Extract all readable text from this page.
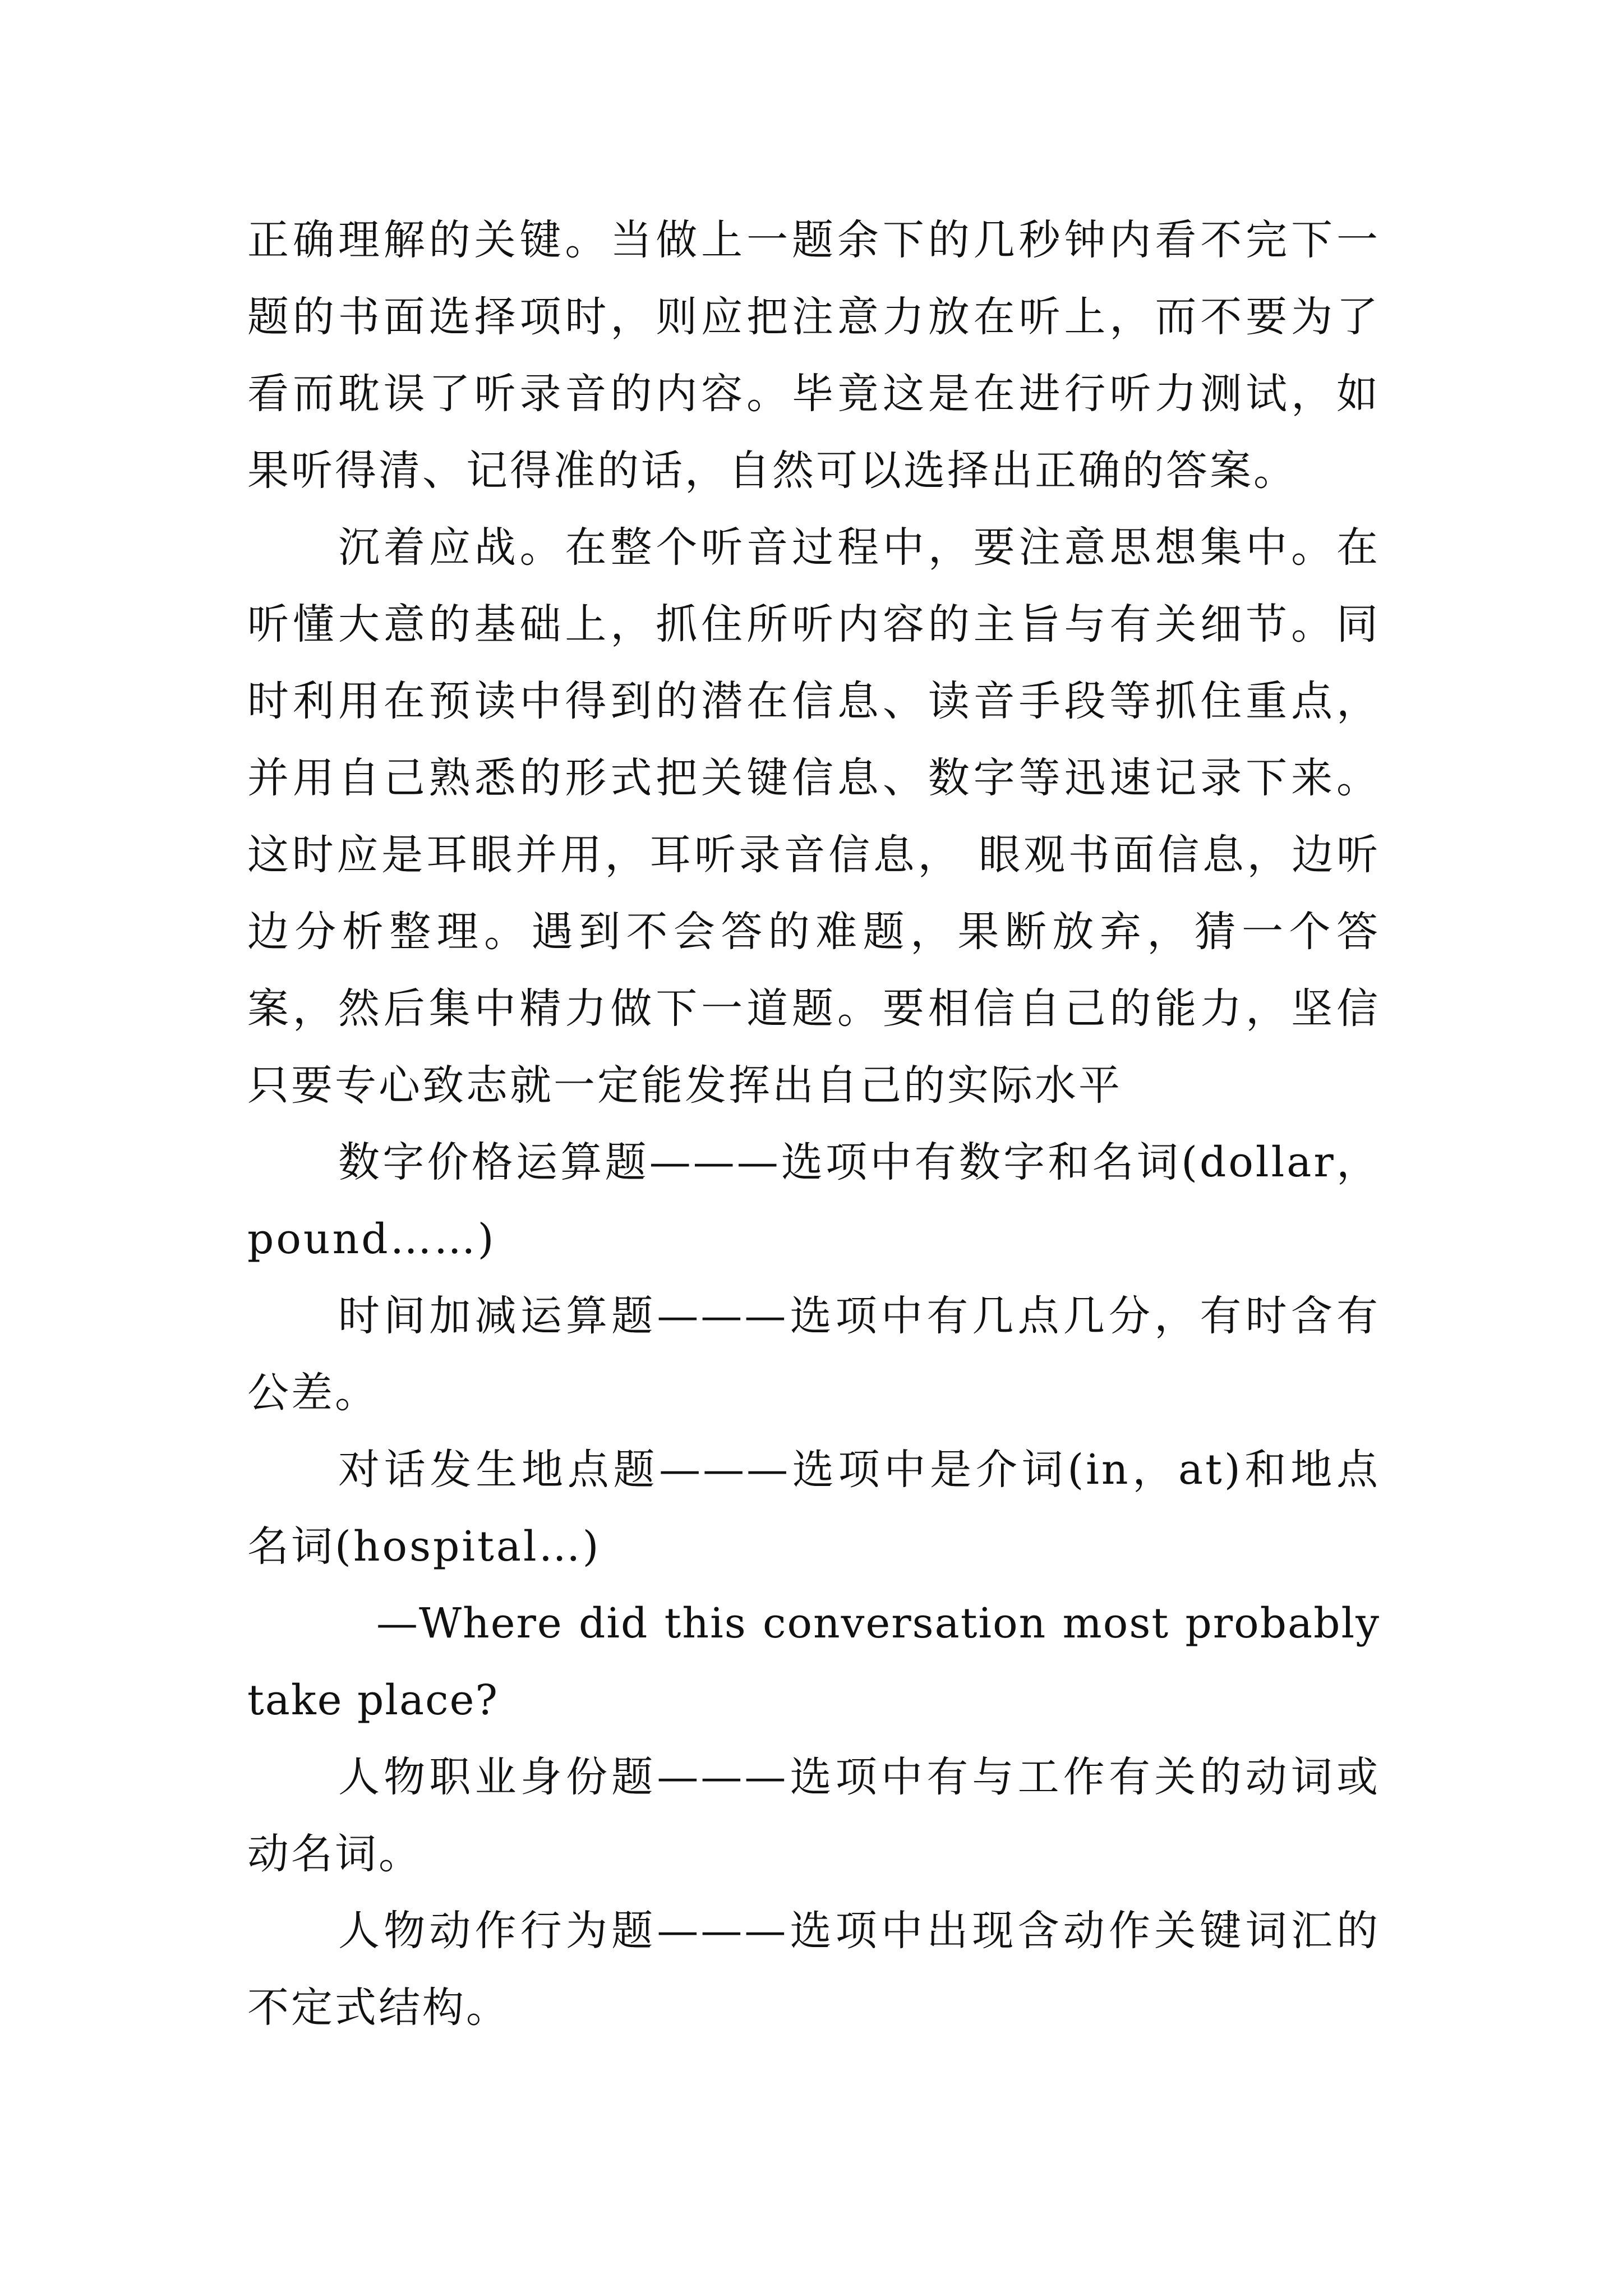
正确理解的关键。当做上一题余下的几秒钟内看不完下一题的书面选择项时，则应把注意力放在听上，而不要为了看而耽误了听录音的内容。毕竟这是在进行听力测试，如果听得清、记得准的话，自然可以选择出正确的答案。

沉着应战。在整个听音过程中，要注意思想集中。在听懂大意的基础上，抓住所听内容的主旨与有关细节。同时利用在预读中得到的潜在信息、读音手段等抓住重点，并用自己熟悉的形式把关键信息、数字等迅速记录下来。这时应是耳眼并用，耳听录音信息， 眼观书面信息，边听边分析整理。遇到不会答的难题，果断放弃，猜一个答案，然后集中精力做下一道题。要相信自己的能力，坚信只要专心致志就一定能发挥出自己的实际水平

数字价格运算题———选项中有数字和名词(dollar，pound……)

时间加减运算题———选项中有几点几分，有时含有公差。

对话发生地点题———选项中是介词(in，at)和地点名词(hospital…)

—Where did this conversation most probably take place?

人物职业身份题———选项中有与工作有关的动词或动名词。

人物动作行为题———选项中出现含动作关键词汇的不定式结构。
